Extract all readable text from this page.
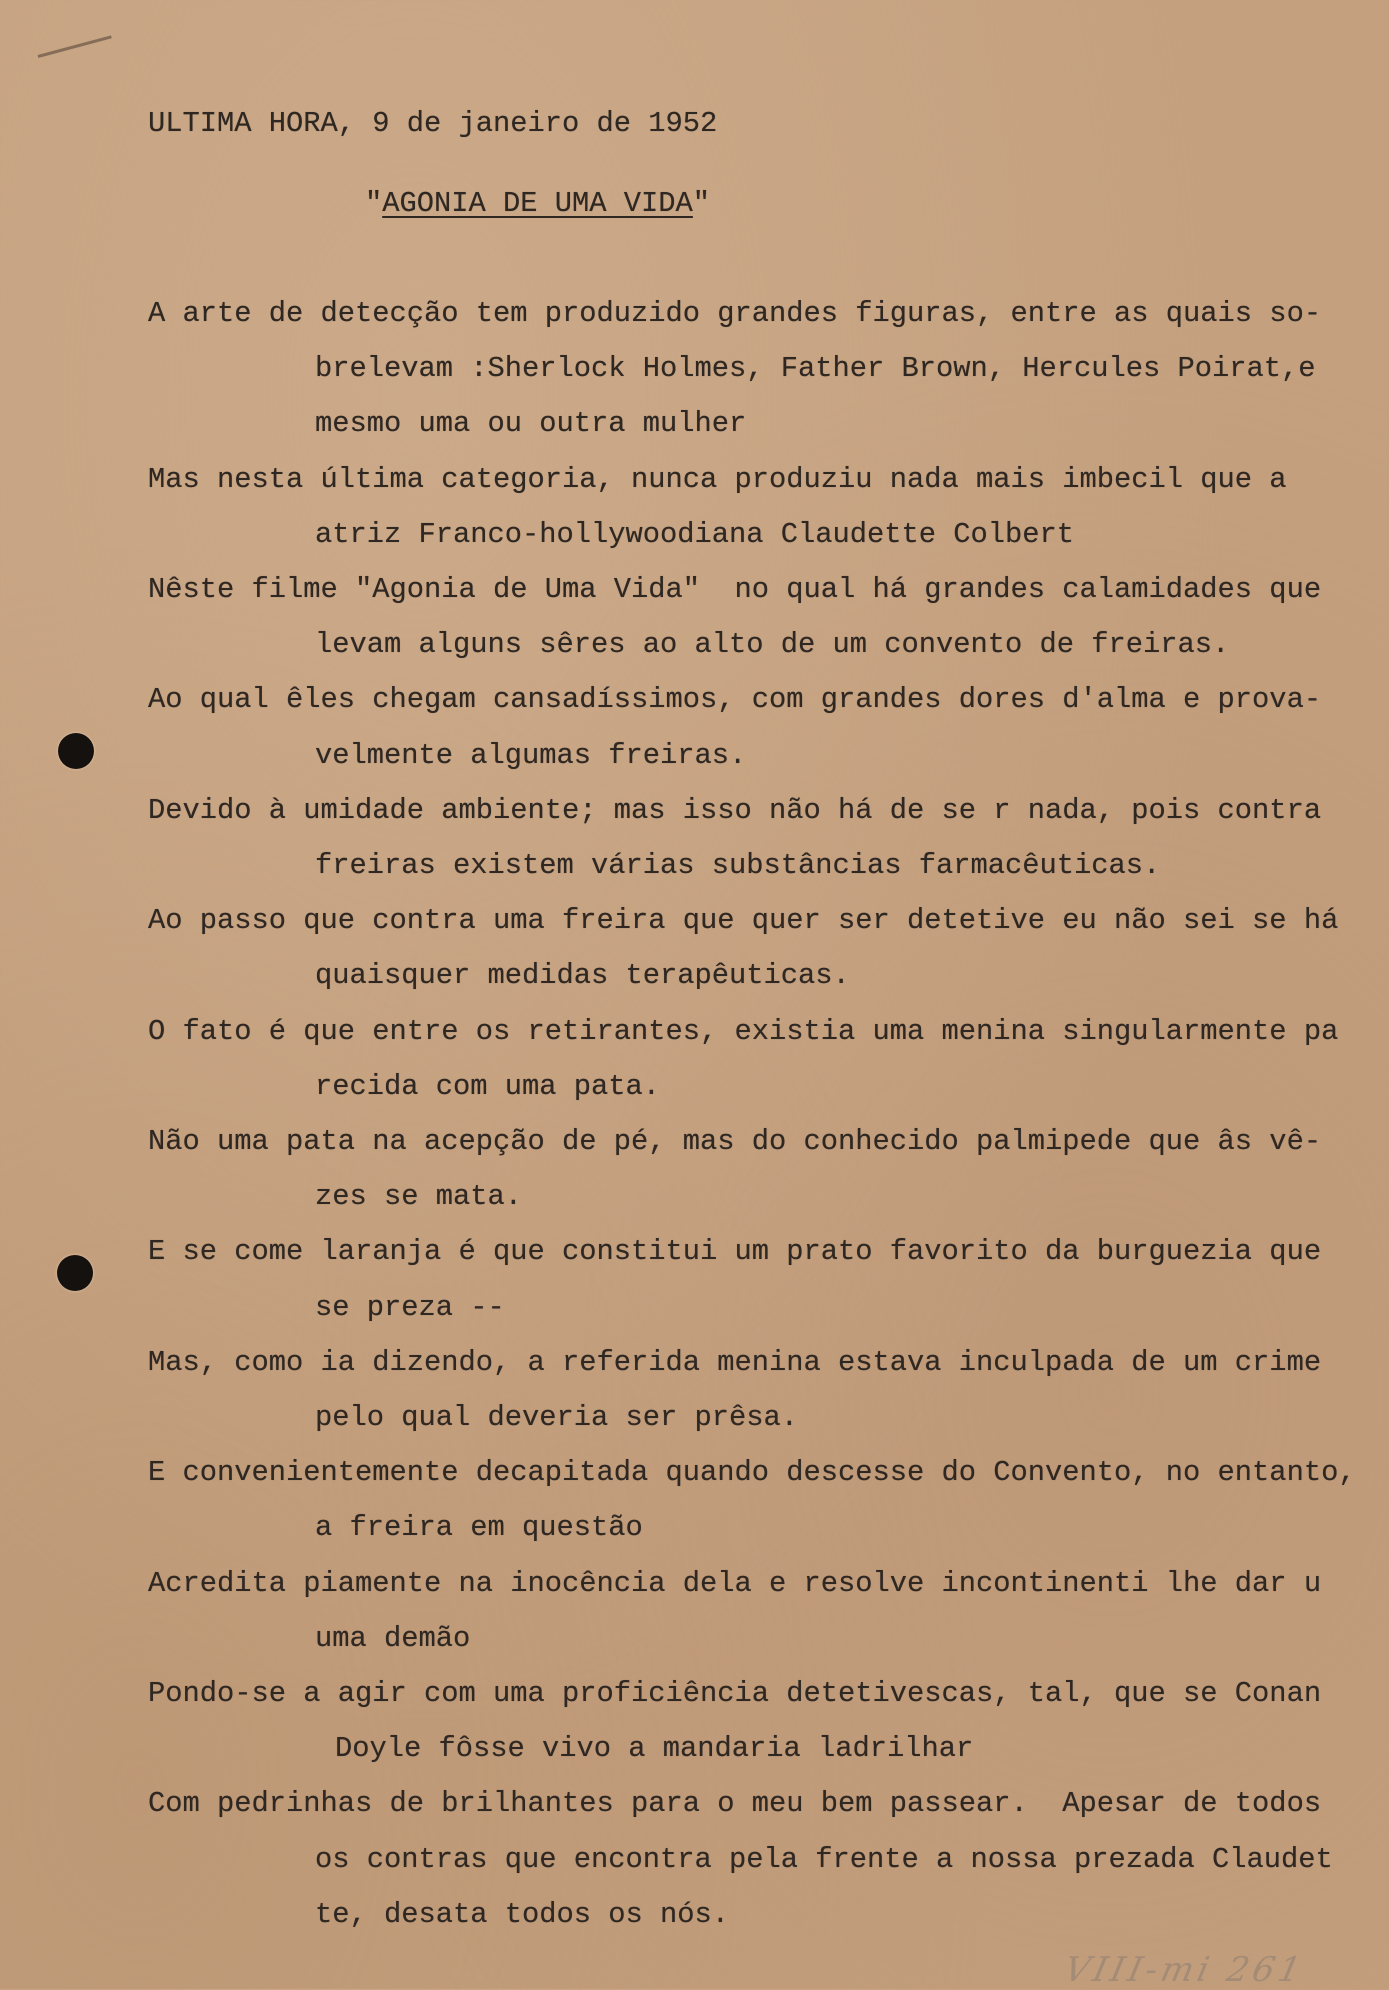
ULTIMA HORA, 9 de janeiro de 1952
"AGONIA DE UMA VIDA"
A arte de detecção tem produzido grandes figuras, entre as quais so-
brelevam :Sherlock Holmes, Father Brown, Hercules Poirat,e
mesmo uma ou outra mulher
Mas nesta última categoria, nunca produziu nada mais imbecil que a
atriz Franco-hollywoodiana Claudette Colbert
Nêste filme "Agonia de Uma Vida"  no qual há grandes calamidades que
levam alguns sêres ao alto de um convento de freiras.
Ao qual êles chegam cansadíssimos, com grandes dores d'alma e prova-
velmente algumas freiras.
Devido à umidade ambiente; mas isso não há de se r nada, pois contra
freiras existem várias substâncias farmacêuticas.
Ao passo que contra uma freira que quer ser detetive eu não sei se há
quaisquer medidas terapêuticas.
O fato é que entre os retirantes, existia uma menina singularmente pa
recida com uma pata.
Não uma pata na acepção de pé, mas do conhecido palmipede que âs vê-
zes se mata.
E se come laranja é que constitui um prato favorito da burguezia que
se preza --
Mas, como ia dizendo, a referida menina estava inculpada de um crime
pelo qual deveria ser prêsa.
E convenientemente decapitada quando descesse do Convento, no entanto,
a freira em questão
Acredita piamente na inocência dela e resolve incontinenti lhe dar u
uma demão
Pondo-se a agir com uma proficiência detetivescas, tal, que se Conan
Doyle fôsse vivo a mandaria ladrilhar
Com pedrinhas de brilhantes para o meu bem passear.  Apesar de todos
os contras que encontra pela frente a nossa prezada Claudet
te, desata todos os nós.
VIII-mi 261
